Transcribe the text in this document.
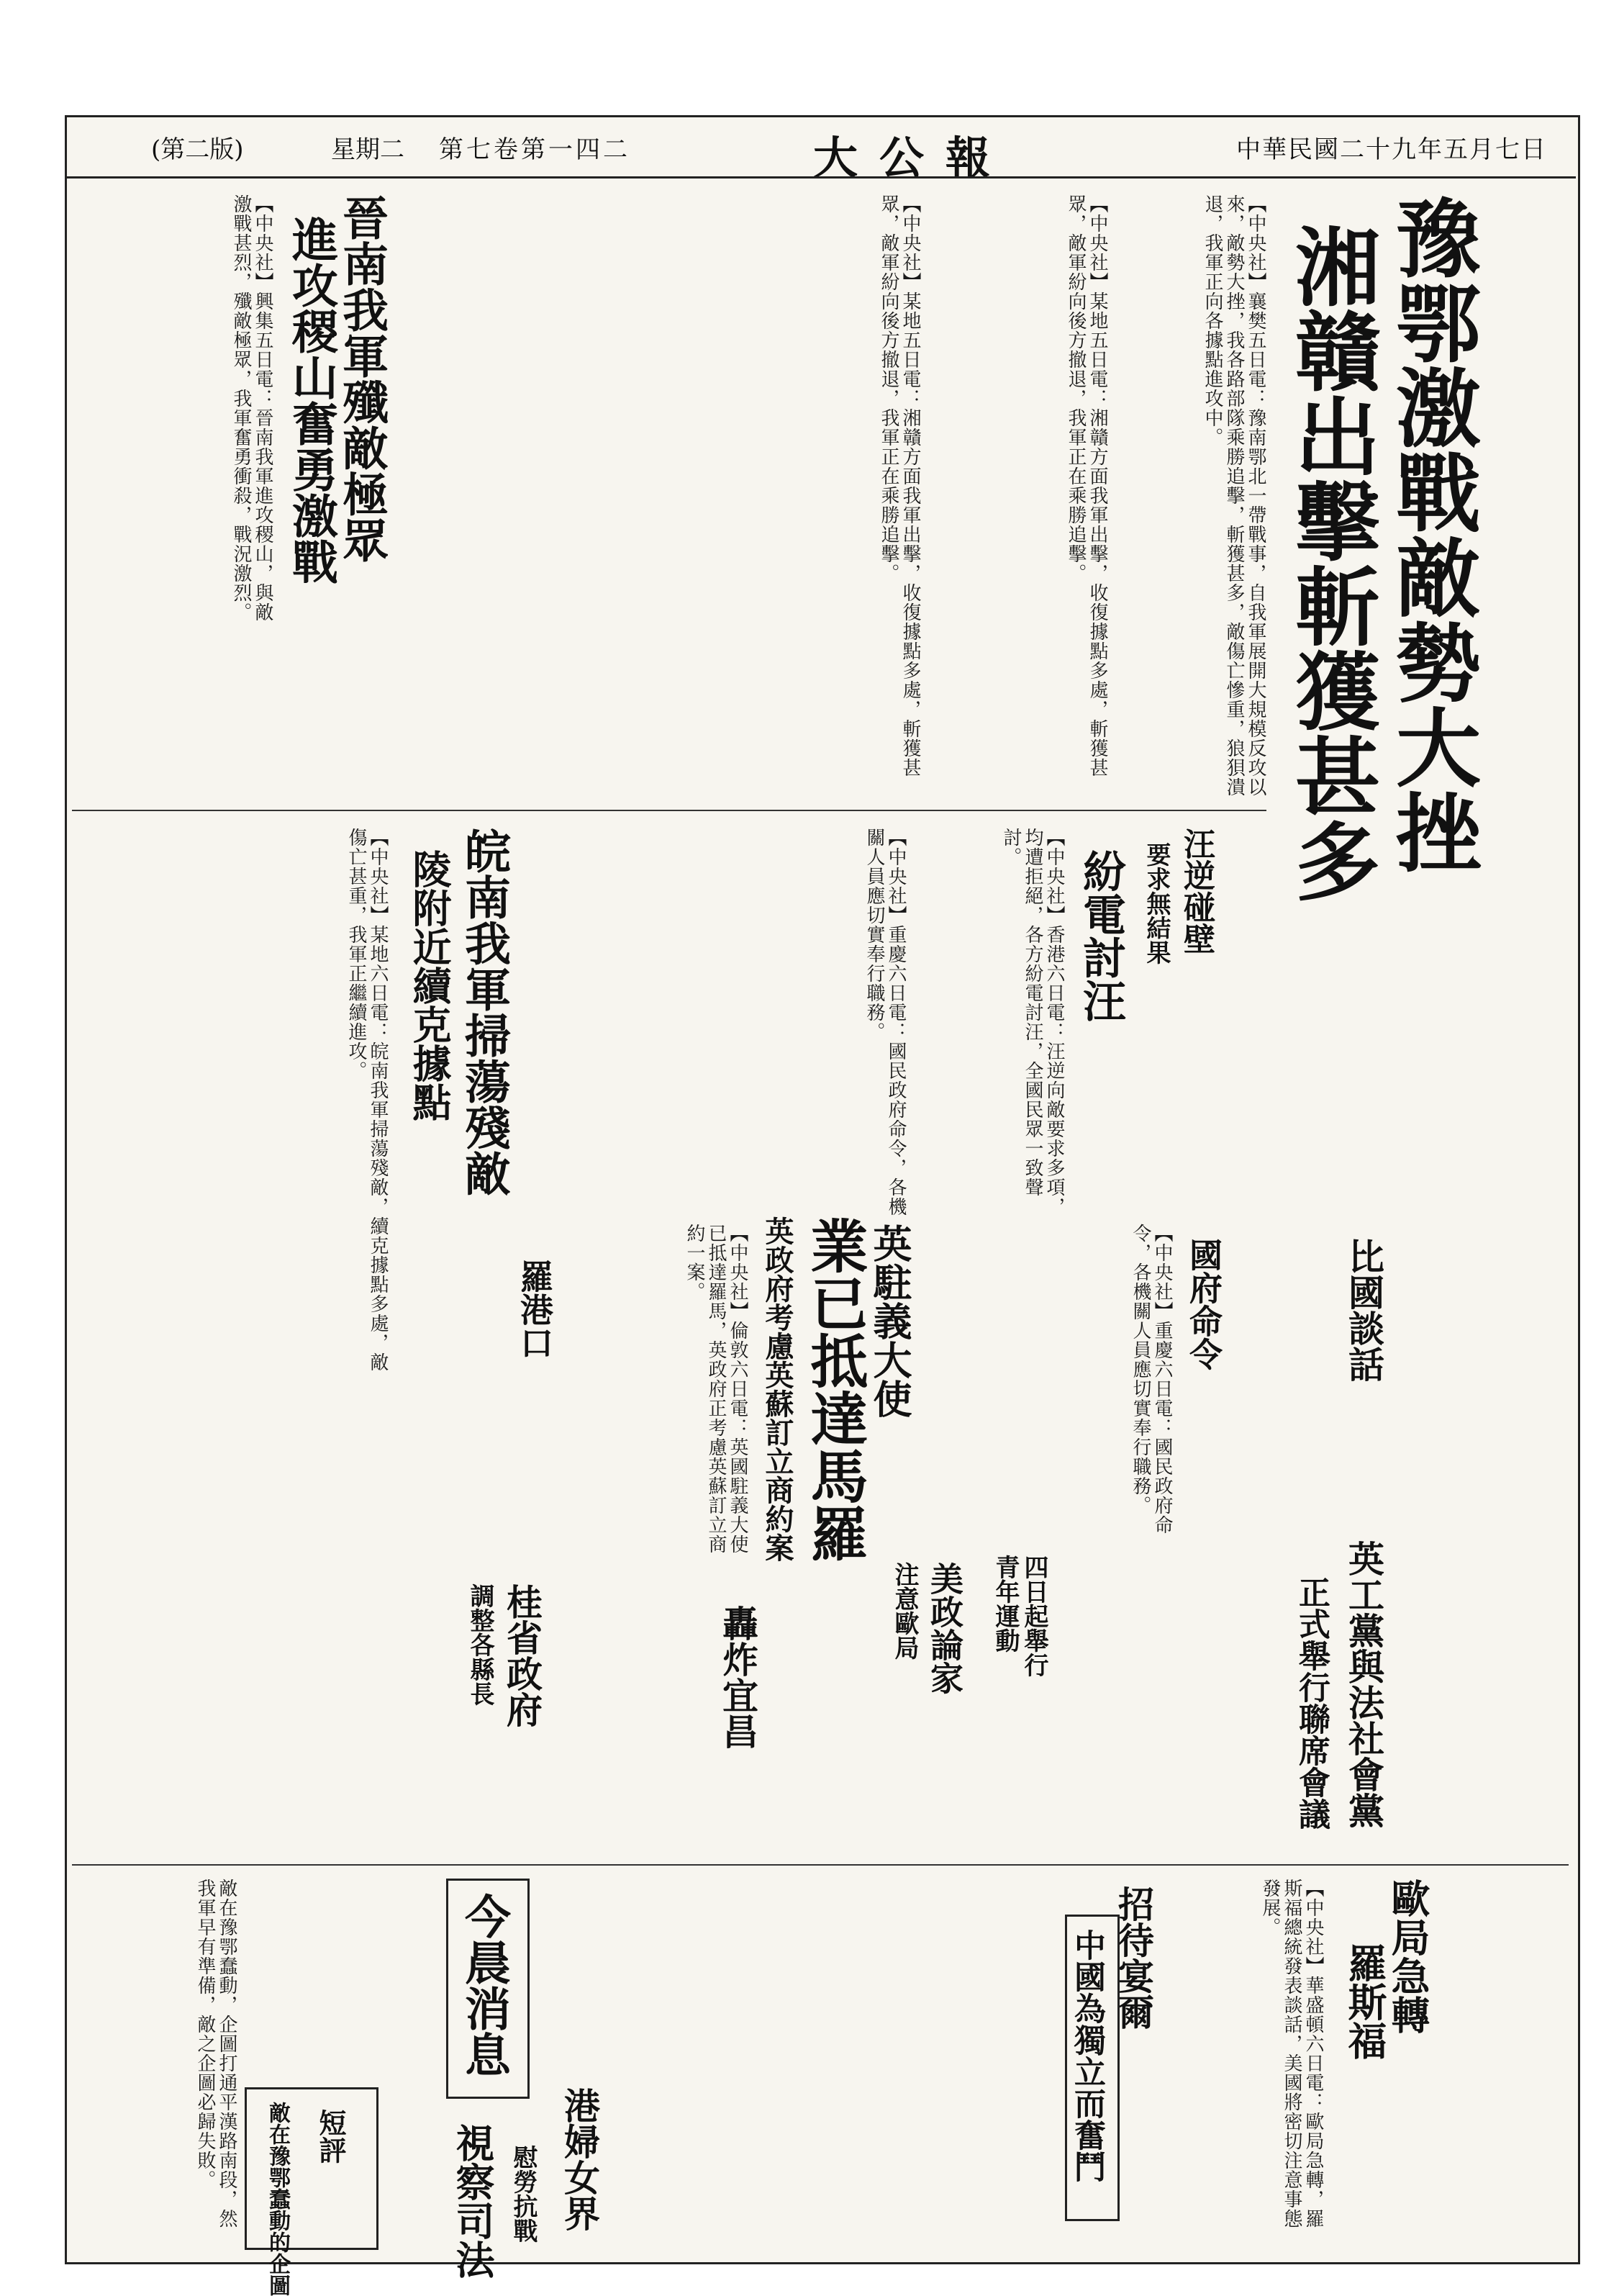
中華民國二十九年五月七日
大公報
第七卷第一四二
星期二
(第二版)
豫鄂激戰敵勢大挫
湘贛出擊斬獲甚多
【中央社】襄樊五日電：豫南鄂北一帶戰事，自我軍展開大規模反攻以來，敵勢大挫，我各路部隊乘勝追擊，斬獲甚多，敵傷亡慘重，狼狽潰退，我軍正向各據點進攻中。
【中央社】某地五日電：湘贛方面我軍出擊，收復據點多處，斬獲甚眾，敵軍紛向後方撤退，我軍正在乘勝追擊。
汪逆碰壁
要求無結果
紛電討汪
【中央社】香港六日電：汪逆向敵要求多項，均遭拒絕，各方紛電討汪，全國民眾一致聲討。
晉南我軍殲敵極眾
進攻稷山奮勇激戰
【中央社】興集五日電：晉南我軍進攻稷山，與敵激戰甚烈，殲敵極眾，我軍奮勇衝殺，戰況激烈。	【中央社】某地五日電：湘贛方面我軍出擊，收復據點多處，斬獲甚眾，敵軍紛向後方撤退，我軍正在乘勝追擊。
皖南我軍掃蕩殘敵
陵附近續克據點
【中央社】某地六日電：皖南我軍掃蕩殘敵，續克據點多處，敵傷亡甚重，我軍正繼續進攻。	【中央社】重慶六日電：國民政府命令，各機關人員應切實奉行職務。
英駐義大使
業已抵達馬羅
英政府考慮英蘇訂立商約案
【中央社】倫敦六日電：英國駐義大使已抵達羅馬，英政府正考慮英蘇訂立商約一案。	國府命令
【中央社】重慶六日電：國民政府命令，各機關人員應切實奉行職務。
羅港口
四日起舉行
青年運動
美政論家
注意歐局
桂省政府
調整各縣長	轟炸宜昌
比國談話
英工黨與法社會黨
正式舉行聯席會議
今晨消息	招待宴爾
中國為獨立而奮鬥	歐局急轉
羅斯福
【中央社】華盛頓六日電：歐局急轉，羅斯福總統發表談話，美國將密切注意事態發展。
港婦女界
慰勞抗戰
視察司法
短評
敵在豫鄂蠢動的企圖
敵在豫鄂蠢動，企圖打通平漢路南段，然我軍早有準備，敵之企圖必歸失敗。
